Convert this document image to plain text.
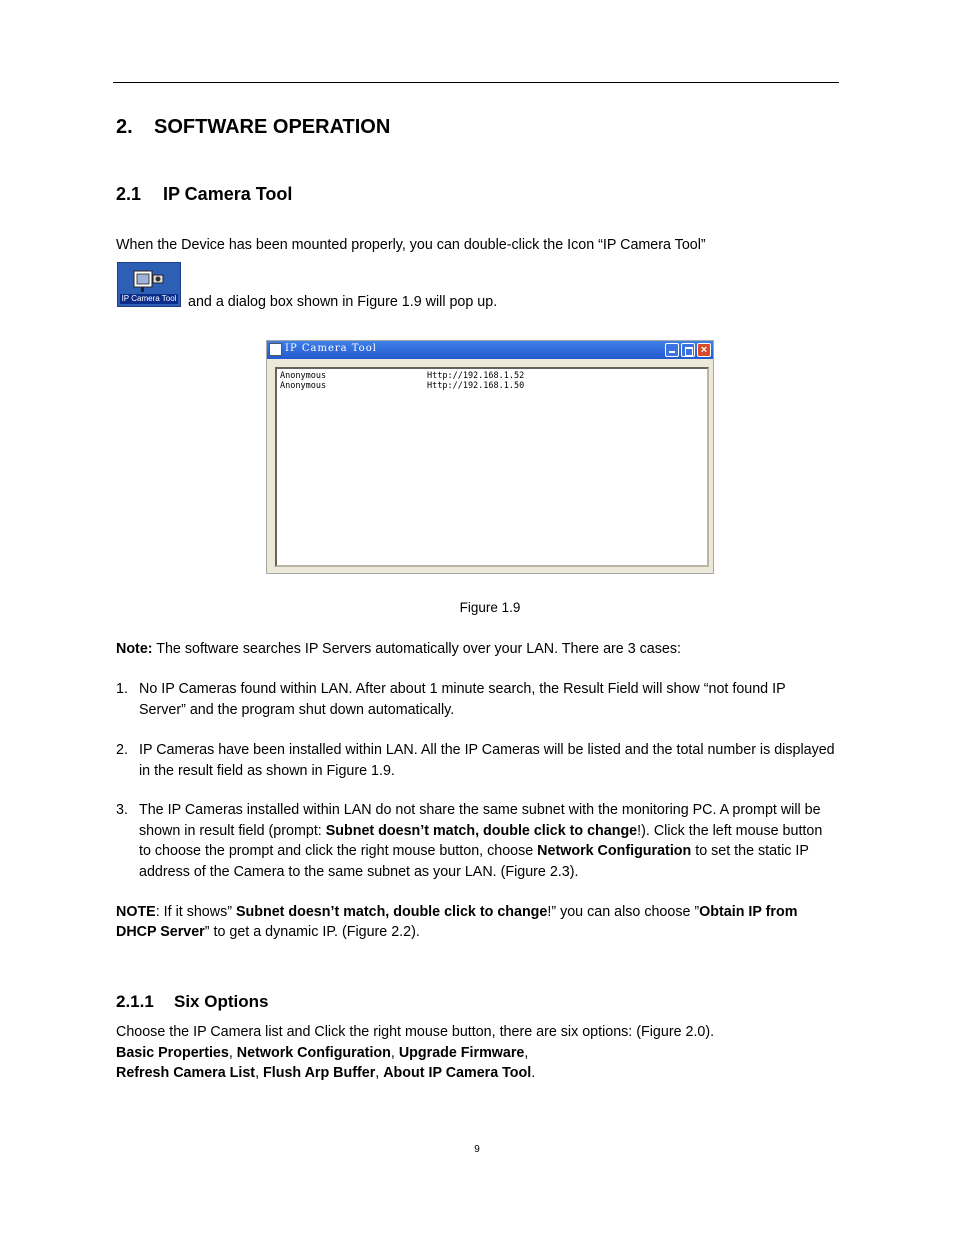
2. SOFTWARE OPERATION
2.1 IP Camera Tool
When the Device has been mounted properly, you can double-click the Icon “IP Camera Tool”
IP Camera Tool and a dialog box shown in Figure 1.9 will pop up.
IP Camera Tool	×
Anonymous	Http://192.168.1.52
Anonymous	Http://192.168.1.50
Figure 1.9
Note: The software searches IP Servers automatically over your LAN. There are 3 cases:
1. No IP Cameras found within LAN. After about 1 minute search, the Result Field will show “not found IP Server” and the program shut down automatically.
2. IP Cameras have been installed within LAN. All the IP Cameras will be listed and the total number is displayed in the result field as shown in Figure 1.9.
3. The IP Cameras installed within LAN do not share the same subnet with the monitoring PC. A prompt will be shown in result field (prompt: Subnet doesn’t match, double click to change!). Click the left mouse button to choose the prompt and click the right mouse button, choose Network Configuration to set the static IP address of the Camera to the same subnet as your LAN. (Figure 2.3).
NOTE: If it shows” Subnet doesn’t match, double click to change!” you can also choose ”Obtain IP from DHCP Server” to get a dynamic IP. (Figure 2.2).
2.1.1 Six Options
Choose the IP Camera list and Click the right mouse button, there are six options: (Figure 2.0).
Basic Properties, Network Configuration, Upgrade Firmware,
Refresh Camera List, Flush Arp Buffer, About IP Camera Tool.
9
